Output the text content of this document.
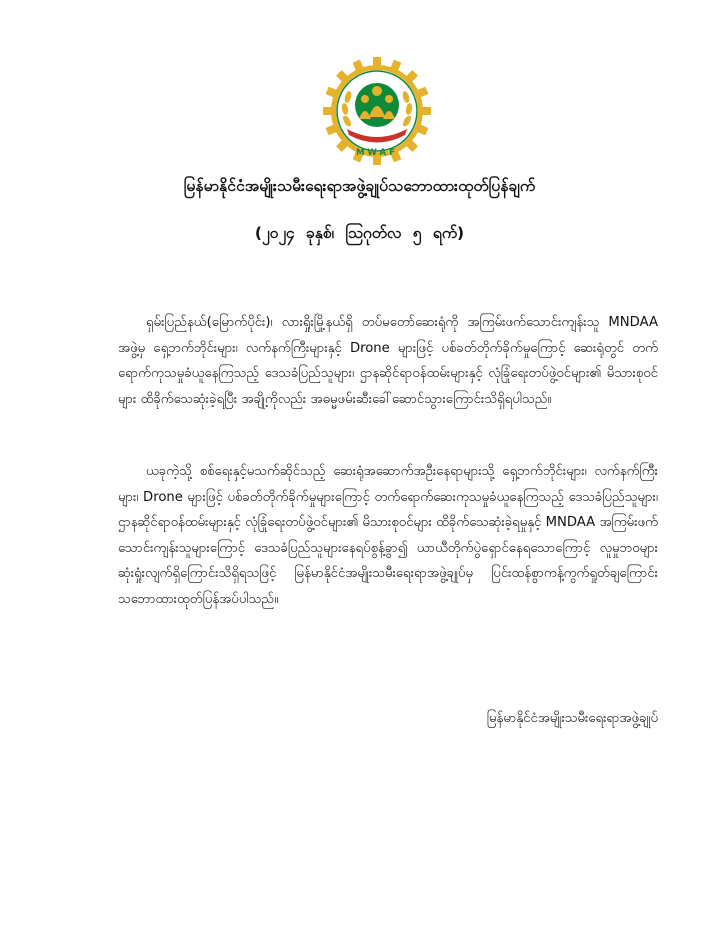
MWAF
မြန်မာနိုင်ငံအမျိုးသမီးရေးရာအဖွဲ့ချုပ်သဘောထားထုတ်ပြန်ချက်
(၂၀၂၄ ခုနှစ်၊ ဩဂုတ်လ ၅ ရက်)

ရှမ်းပြည်နယ်(မြောက်ပိုင်း)၊ လားရှိုးမြို့နယ်ရှိ တပ်မတော်ဆေးရုံကို အကြမ်းဖက်သောင်းကျန်းသူ MNDAA အဖွဲ့မှ ရှေ့ဘက်ဘိုင်းများ၊ လက်နက်ကြီးများနှင့် Drone များဖြင့် ပစ်ခတ်တိုက်ခိုက်မှုကြောင့် ဆေးရုံတွင် တက်ရောက်ကုသမှုခံယူနေကြသည့် ဒေသခံပြည်သူများ၊ ဌာနဆိုင်ရာဝန်ထမ်းများနှင့် လုံခြုံရေးတပ်ဖွဲ့ဝင်များ၏ မိသားစုဝင်များ ထိခိုက်သေဆုံးခဲ့ရပြီး အချို့ကိုလည်း အဓမ္မဖမ်းဆီးခေါ်ဆောင်သွားကြောင်းသိရှိရပါသည်။

ယခုကဲ့သို့ စစ်ရေးနှင့်မသက်ဆိုင်သည့် ဆေးရုံအဆောက်အဦးနေရာများသို့ ရှေ့ဘက်ဘိုင်းများ၊ လက်နက်ကြီးများ၊ Drone များဖြင့် ပစ်ခတ်တိုက်ခိုက်မှုများကြောင့် တက်ရောက်ဆေးကုသမှုခံယူနေကြသည့် ဒေသခံပြည်သူများ၊ ဌာနဆိုင်ရာဝန်ထမ်းများနှင့် လုံခြုံရေးတပ်ဖွဲ့ဝင်များ၏ မိသားစုဝင်များ ထိခိုက်သေဆုံးခဲ့ရမှုနှင့် MNDAA အကြမ်းဖက်သောင်းကျန်းသူများကြောင့် ဒေသခံပြည်သူများနေရပ်စွန့်ခွာ၍ ယာယီတိုက်ပွဲရှောင်နေရသောကြောင့် လူမှုဘဝများဆုံးရှုံးလျက်ရှိကြောင်းသိရှိရသဖြင့် မြန်မာနိုင်ငံအမျိုးသမီးရေးရာအဖွဲ့ချုပ်မှ ပြင်းထန်စွာကန့်ကွက်ရှုတ်ချကြောင်း သဘောထားထုတ်ပြန်အပ်ပါသည်။

မြန်မာနိုင်ငံအမျိုးသမီးရေးရာအဖွဲ့ချုပ်
